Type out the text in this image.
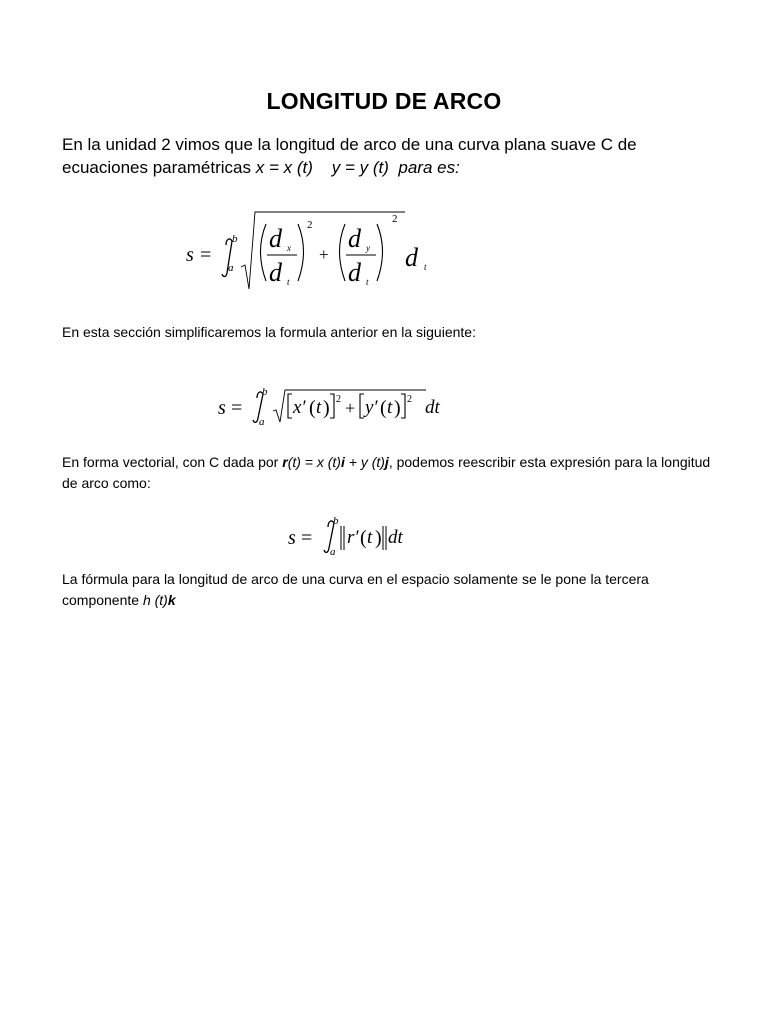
LONGITUD DE ARCO
En la unidad 2 vimos que la longitud de arco de una curva plana suave C de ecuaciones paramétricas x = x (t) y = y (t) para es:
s =
b
a
d x
d t
2
+
d y
d t
2
d t
En esta sección simplificaremos la formula anterior en la siguiente:
s =
b
a
x′ ( t ) 2 + y′ ( t ) 2 dt
En forma vectorial, con C dada por r(t) = x (t)i + y (t)j, podemos reescribir esta expresión para la longitud de arco como:
s =
b
a
r′ ( t ) dt
La fórmula para la longitud de arco de una curva en el espacio solamente se le pone la tercera componente h (t)k
